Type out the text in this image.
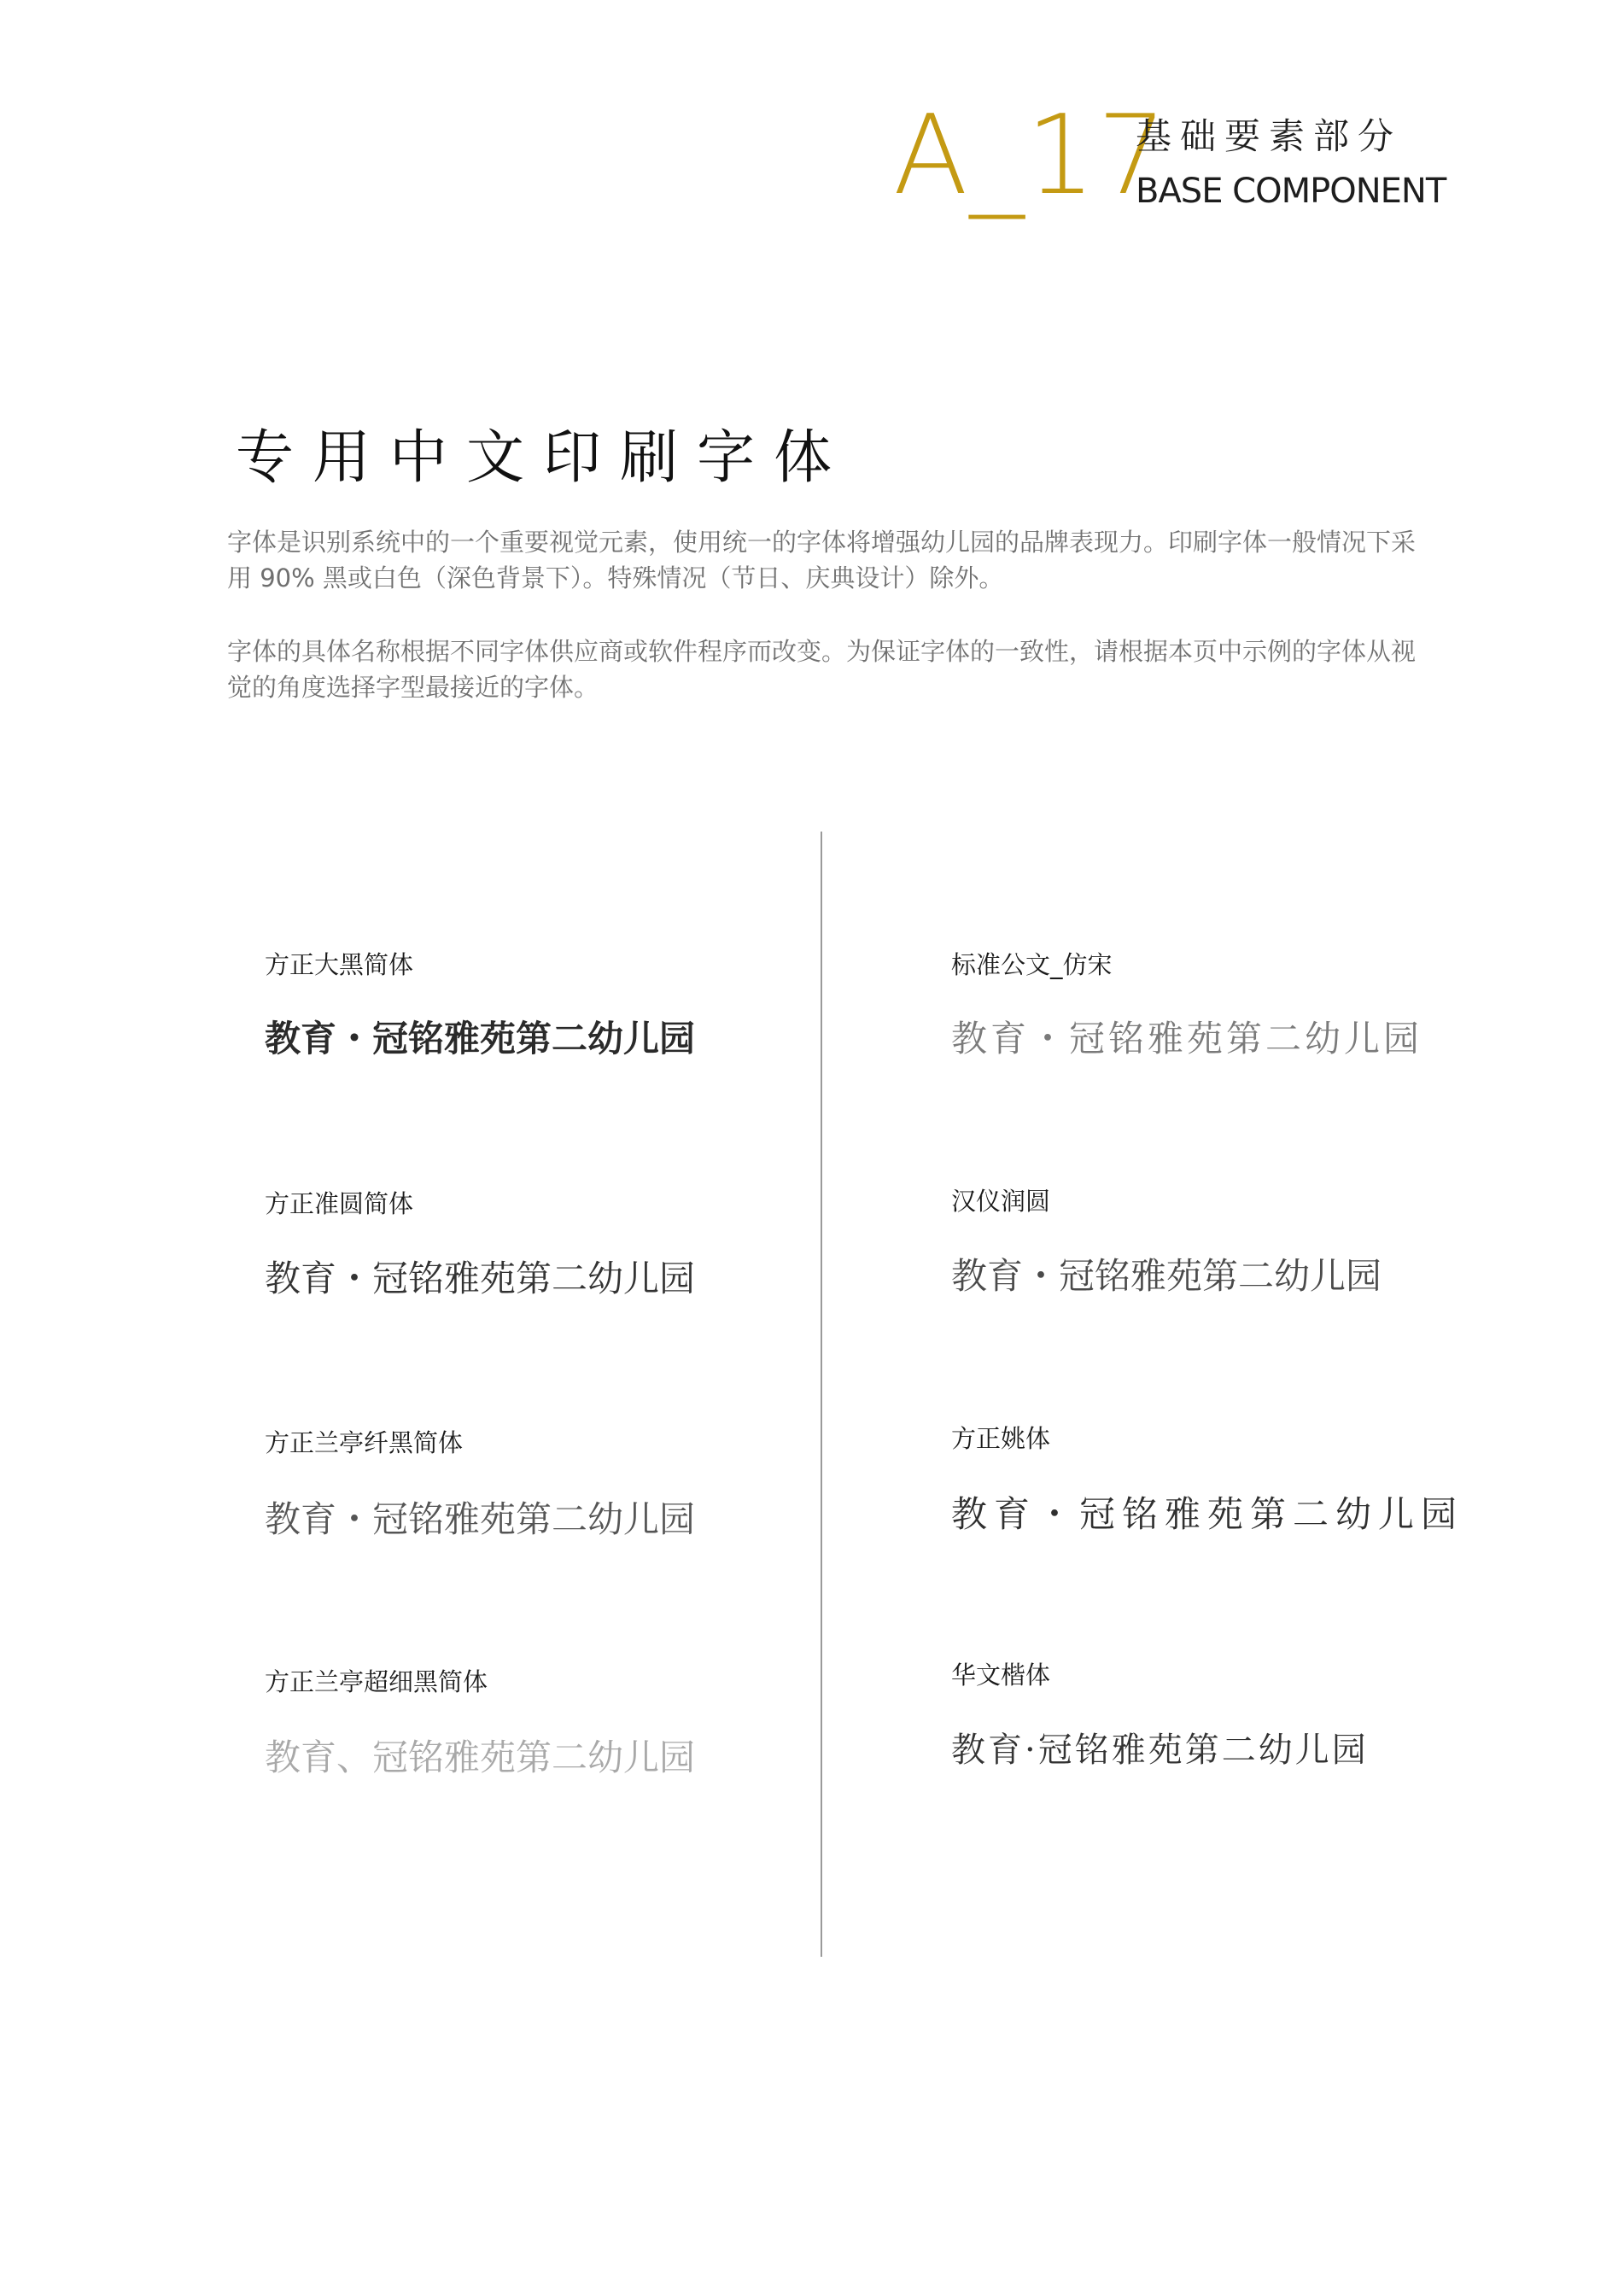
A_17
基础要素部分
BASE COMPONENT
专用中文印刷字体
字体是识别系统中的一个重要视觉元素，使用统一的字体将增强幼儿园的品牌表现力。印刷字体一般情况下采用 90% 黑或白色（深色背景下）。特殊情况（节日、庆典设计）除外。
字体的具体名称根据不同字体供应商或软件程序而改变。为保证字体的一致性，请根据本页中示例的字体从视觉的角度选择字型最接近的字体。
方正大黑简体
教育・冠铭雅苑第二幼儿园
方正准圆简体
教育・冠铭雅苑第二幼儿园
方正兰亭纤黑简体
教育・冠铭雅苑第二幼儿园
方正兰亭超细黑简体
教育、冠铭雅苑第二幼儿园
标准公文_仿宋
教育・冠铭雅苑第二幼儿园
汉仪润圆
教育・冠铭雅苑第二幼儿园
方正姚体
教育・冠铭雅苑第二幼儿园
华文楷体
教育·冠铭雅苑第二幼儿园
